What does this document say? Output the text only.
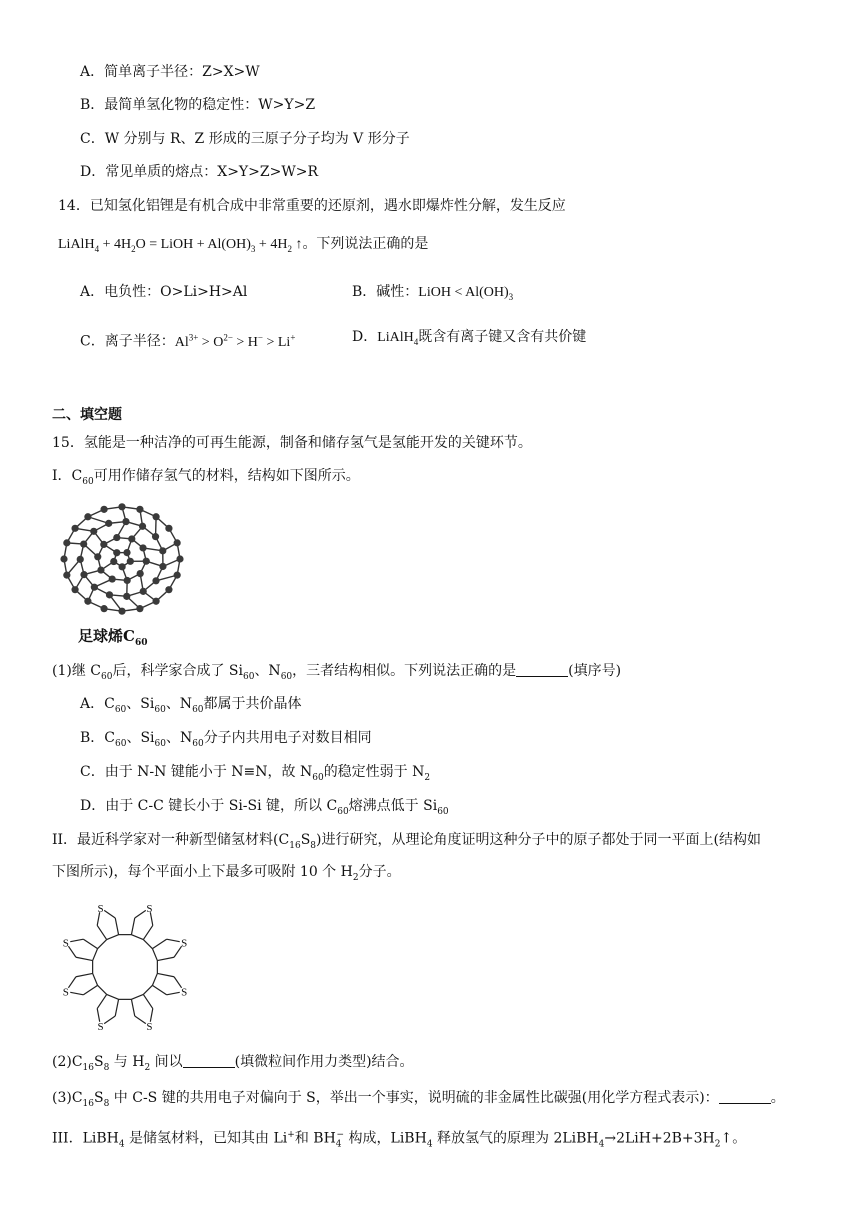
A．简单离子半径：Z>X>W
B．最简单氢化物的稳定性：W>Y>Z
C．W 分别与 R、Z 形成的三原子分子均为 V 形分子
D．常见单质的熔点：X>Y>Z>W>R
14．已知氢化铝锂是有机合成中非常重要的还原剂，遇水即爆炸性分解，发生反应
LiAlH$_4$ + $4H_2O$ = LiOH + $Al(OH)_3 + 4H_2$ ↑。下列说法正确的是
A．电负性：O>Li>H>Al	B．碱性：LiOH < $Al(OH)_3$
C．离子半径：$Al^{3+} > O^{2-} > H^- > Li^+$	D．LiAlH$_4$既含有离子键又含有共价键
二、填空题
15．氢能是一种洁净的可再生能源，制备和储存氢气是氢能开发的关键环节。
I．$C_{60}$可用作储存氢气的材料，结构如下图所示。
足球烯$C_{60}$
(1)继 $C_{60}$后，科学家合成了 $Si_{60}$、$N_{60}$，三者结构相似。下列说法正确的是	(填序号)
A．$C_{60}$、$Si_{60}$、$N_{60}$都属于共价晶体
B．$C_{60}$、$Si_{60}$、$N_{60}$分子内共用电子对数目相同
C．由于 N-N 键能小于 N≡N，故 $N_{60}$的稳定性弱于 $N_2$
D．由于 C-C 键长小于 Si-Si 键，所以 $C_{60}$熔沸点低于 $Si_{60}$
II．最近科学家对一种新型储氢材料$(C_{16}S_8)$进行研究，从理论角度证明这种分子中的原子都处于同一平面上(结构如
下图所示)，每个平面小上下最多可吸附 10 个 $H_2$分子。
S
S
S
S
S
S
S
S
$(2)C_{16}S_8$ 与 $H_2$ 间以	(填微粒间作用力类型)结合。
$(3)C_{16}S_8$ 中 C-S 键的共用电子对偏向于 S，举出一个事实，说明硫的非金属性比碳强(用化学方程式表示)：	。
III．LiBH$_4$ 是储氢材料，已知其由 Li+和 $BH_4^-$ 构成，LiBH$_4$ 释放氢气的原理为 $2LiBH_4\to 2LiH+2B+3H_2↑$。
